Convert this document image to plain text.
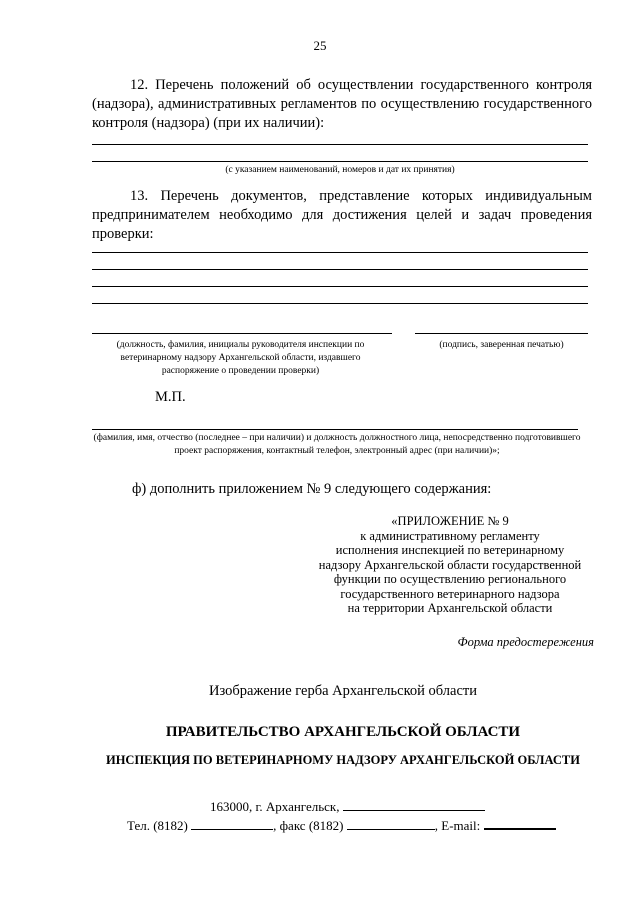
25
12. Перечень положений об осуществлении государственного контроля (надзора), административных регламентов по осуществлению государственного контроля (надзора) (при их наличии):
(с указанием наименований, номеров и дат их принятия)
13. Перечень документов, представление которых индивидуальным предпринимателем необходимо для достижения целей и задач проведения проверки:
(должность, фамилия, инициалы руководителя инспекции по ветеринарному надзору Архангельской области, издавшего распоряжение о проведении проверки)
(подпись, заверенная печатью)
М.П.
(фамилия, имя, отчество (последнее – при наличии) и должность должностного лица, непосредственно подготовившего проект распоряжения, контактный телефон, электронный адрес (при наличии)»;
ф) дополнить приложением № 9 следующего содержания:
«ПРИЛОЖЕНИЕ № 9
к административному регламенту
исполнения инспекцией по ветеринарному
надзору Архангельской области государственной
функции по осуществлению регионального
государственного ветеринарного надзора
на территории Архангельской области
Форма предостережения
Изображение герба Архангельской области
ПРАВИТЕЛЬСТВО АРХАНГЕЛЬСКОЙ ОБЛАСТИ
ИНСПЕКЦИЯ ПО ВЕТЕРИНАРНОМУ НАДЗОРУ АРХАНГЕЛЬСКОЙ ОБЛАСТИ
163000, г. Архангельск,
Тел. (8182)	, факс (8182)	, E-mail:
